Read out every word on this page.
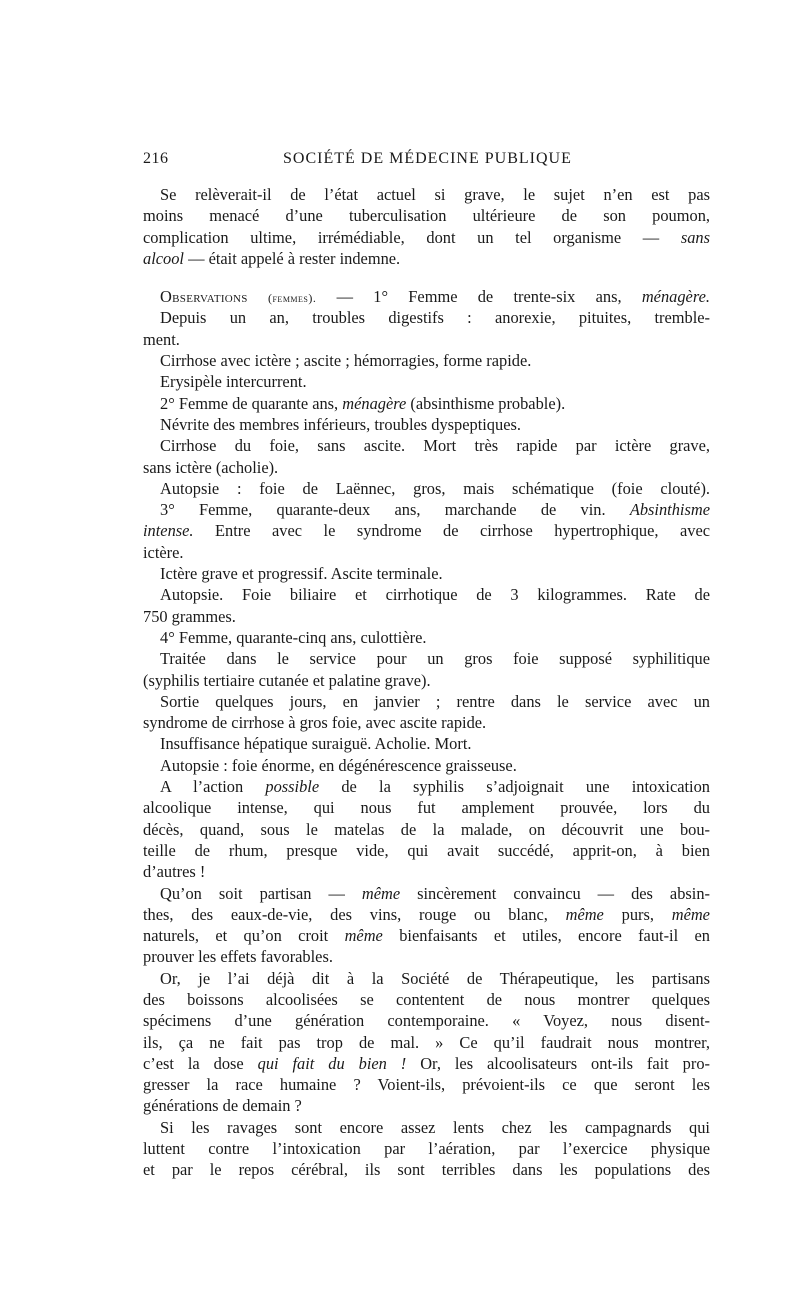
216	SOCIÉTÉ DE MÉDECINE PUBLIQUE
Se relèverait-il de l’état actuel si grave, le sujet n’en est pas
moins menacé d’une tuberculisation ultérieure de son poumon,
complication ultime, irrémédiable, dont un tel organisme — sans
alcool — était appelé à rester indemne.
Observations (femmes). — 1° Femme de trente-six ans, ménagère.
Depuis un an, troubles digestifs : anorexie, pituites, tremble-
ment.
Cirrhose avec ictère ; ascite ; hémorragies, forme rapide.
Erysipèle intercurrent.
2° Femme de quarante ans, ménagère (absinthisme probable).
Névrite des membres inférieurs, troubles dyspeptiques.
Cirrhose du foie, sans ascite. Mort très rapide par ictère grave,
sans ictère (acholie).
Autopsie : foie de Laënnec, gros, mais schématique (foie clouté).
3° Femme, quarante-deux ans, marchande de vin. Absinthisme
intense. Entre avec le syndrome de cirrhose hypertrophique, avec
ictère.
Ictère grave et progressif. Ascite terminale.
Autopsie. Foie biliaire et cirrhotique de 3 kilogrammes. Rate de
750 grammes.
4° Femme, quarante-cinq ans, culottière.
Traitée dans le service pour un gros foie supposé syphilitique
(syphilis tertiaire cutanée et palatine grave).
Sortie quelques jours, en janvier ; rentre dans le service avec un
syndrome de cirrhose à gros foie, avec ascite rapide.
Insuffisance hépatique suraiguë. Acholie. Mort.
Autopsie : foie énorme, en dégénérescence graisseuse.
A l’action possible de la syphilis s’adjoignait une intoxication
alcoolique intense, qui nous fut amplement prouvée, lors du
décès, quand, sous le matelas de la malade, on découvrit une bou-
teille de rhum, presque vide, qui avait succédé, apprit-on, à bien
d’autres !
Qu’on soit partisan — même sincèrement convaincu — des absin-
thes, des eaux-de-vie, des vins, rouge ou blanc, même purs, même
naturels, et qu’on croit même bienfaisants et utiles, encore faut-il en
prouver les effets favorables.
Or, je l’ai déjà dit à la Société de Thérapeutique, les partisans
des boissons alcoolisées se contentent de nous montrer quelques
spécimens d’une génération contemporaine. « Voyez, nous disent-
ils, ça ne fait pas trop de mal. » Ce qu’il faudrait nous montrer,
c’est la dose qui fait du bien ! Or, les alcoolisateurs ont-ils fait pro-
gresser la race humaine ? Voient-ils, prévoient-ils ce que seront les
générations de demain ?
Si les ravages sont encore assez lents chez les campagnards qui
luttent contre l’intoxication par l’aération, par l’exercice physique
et par le repos cérébral, ils sont terribles dans les populations des
